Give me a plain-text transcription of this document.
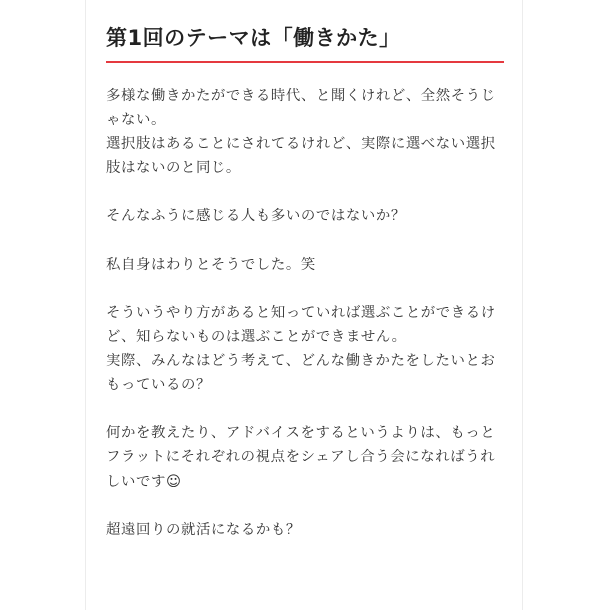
第1回のテーマは「働きかた」

多様な働きかたができる時代、と聞くけれど、全然そうじ
ゃない。
選択肢はあることにされてるけれど、実際に選べない選択
肢はないのと同じ。

そんなふうに感じる人も多いのではないか？

私自身はわりとそうでした。笑

そういうやり方があると知っていれば選ぶことができるけ
ど、知らないものは選ぶことができません。
実際、みんなはどう考えて、どんな働きかたをしたいとお
もっているの？

何かを教えたり、アドバイスをするというよりは、もっと
フラットにそれぞれの視点をシェアし合う会になればうれ
しいです☺

超遠回りの就活になるかも？
